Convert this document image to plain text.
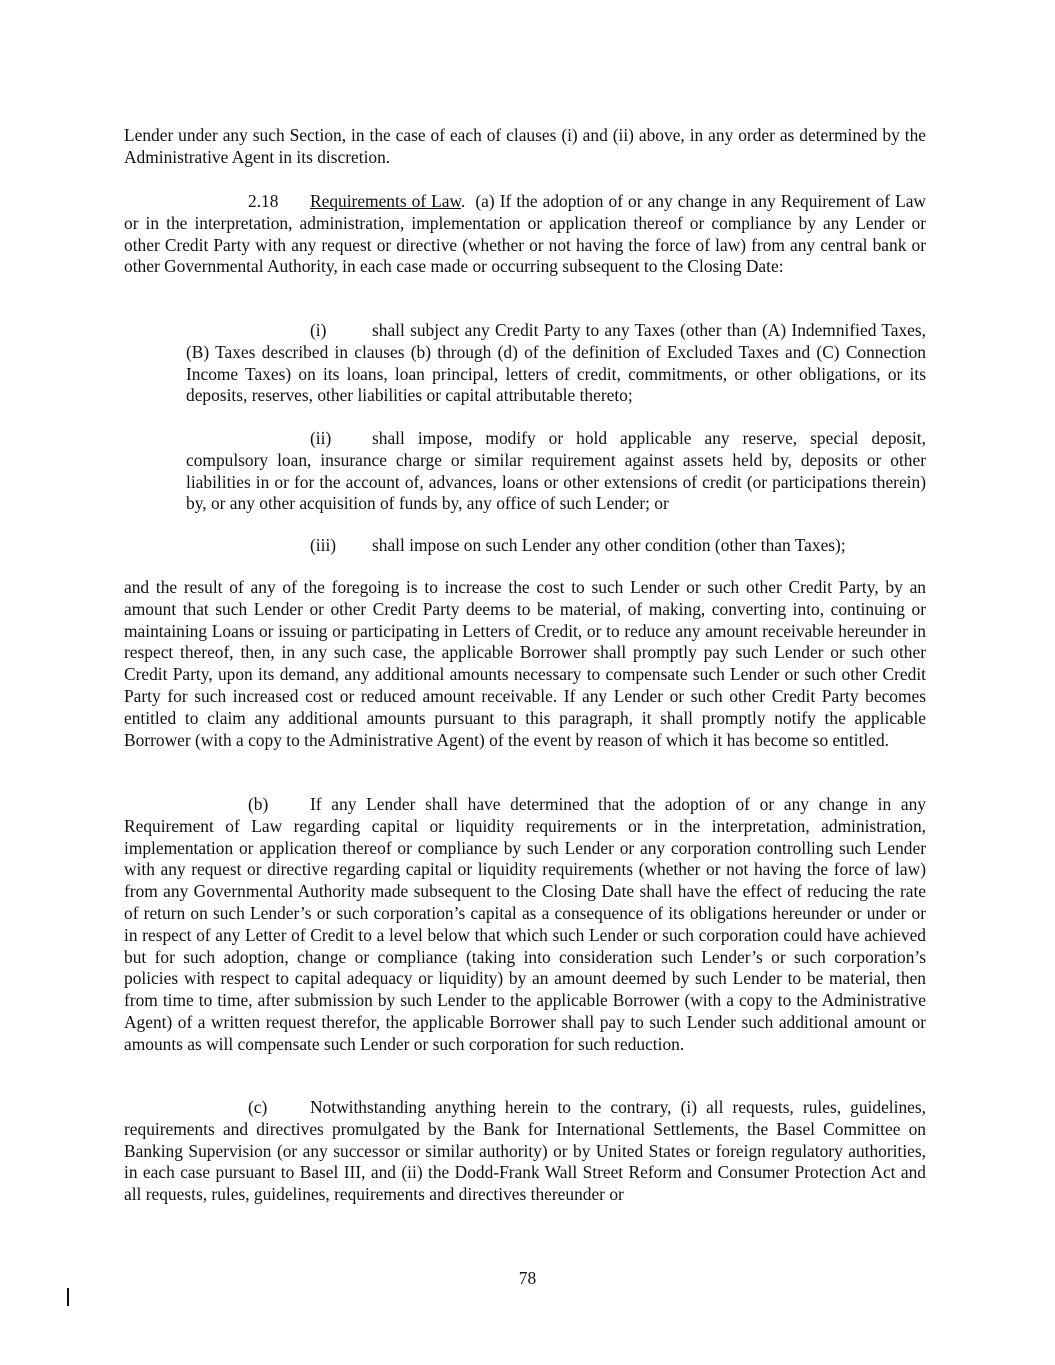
Lender under any such Section, in the case of each of clauses (i) and (ii) above, in any order as determined by the Administrative Agent in its discretion.

2.18 Requirements of Law. (a) If the adoption of or any change in any Requirement of Law or in the interpretation, administration, implementation or application thereof or compliance by any Lender or other Credit Party with any request or directive (whether or not having the force of law) from any central bank or other Governmental Authority, in each case made or occurring subsequent to the Closing Date:

(i)	shall subject any Credit Party to any Taxes (other than (A) Indemnified Taxes, (B) Taxes described in clauses (b) through (d) of the definition of Excluded Taxes and (C) Connection Income Taxes) on its loans, loan principal, letters of credit, commitments, or other obligations, or its deposits, reserves, other liabilities or capital attributable thereto;

(ii) shall impose, modify or hold applicable any reserve, special deposit, compulsory loan, insurance charge or similar requirement against assets held by, deposits or other liabilities in or for the account of, advances, loans or other extensions of credit (or participations therein) by, or any other acquisition of funds by, any office of such Lender; or

(iii) shall impose on such Lender any other condition (other than Taxes);

and the result of any of the foregoing is to increase the cost to such Lender or such other Credit Party, by an amount that such Lender or other Credit Party deems to be material, of making, converting into, continuing or maintaining Loans or issuing or participating in Letters of Credit, or to reduce any amount receivable hereunder in respect thereof, then, in any such case, the applicable Borrower shall promptly pay such Lender or such other Credit Party, upon its demand, any additional amounts necessary to compensate such Lender or such other Credit Party for such increased cost or reduced amount receivable. If any Lender or such other Credit Party becomes entitled to claim any additional amounts pursuant to this paragraph, it shall promptly notify the applicable Borrower (with a copy to the Administrative Agent) of the event by reason of which it has become so entitled.

(b) If any Lender shall have determined that the adoption of or any change in any Requirement of Law regarding capital or liquidity requirements or in the interpretation, administration, implementation or application thereof or compliance by such Lender or any corporation controlling such Lender with any request or directive regarding capital or liquidity requirements (whether or not having the force of law) from any Governmental Authority made subsequent to the Closing Date shall have the effect of reducing the rate of return on such Lender’s or such corporation’s capital as a consequence of its obligations hereunder or under or in respect of any Letter of Credit to a level below that which such Lender or such corporation could have achieved but for such adoption, change or compliance (taking into consideration such Lender’s or such corporation’s policies with respect to capital adequacy or liquidity) by an amount deemed by such Lender to be material, then from time to time, after submission by such Lender to the applicable Borrower (with a copy to the Administrative Agent) of a written request therefor, the applicable Borrower shall pay to such Lender such additional amount or amounts as will compensate such Lender or such corporation for such reduction.

(c) Notwithstanding anything herein to the contrary, (i) all requests, rules, guidelines, requirements and directives promulgated by the Bank for International Settlements, the Basel Committee on Banking Supervision (or any successor or similar authority) or by United States or foreign regulatory authorities, in each case pursuant to Basel III, and (ii) the Dodd-Frank Wall Street Reform and Consumer Protection Act and all requests, rules, guidelines, requirements and directives thereunder or

78
